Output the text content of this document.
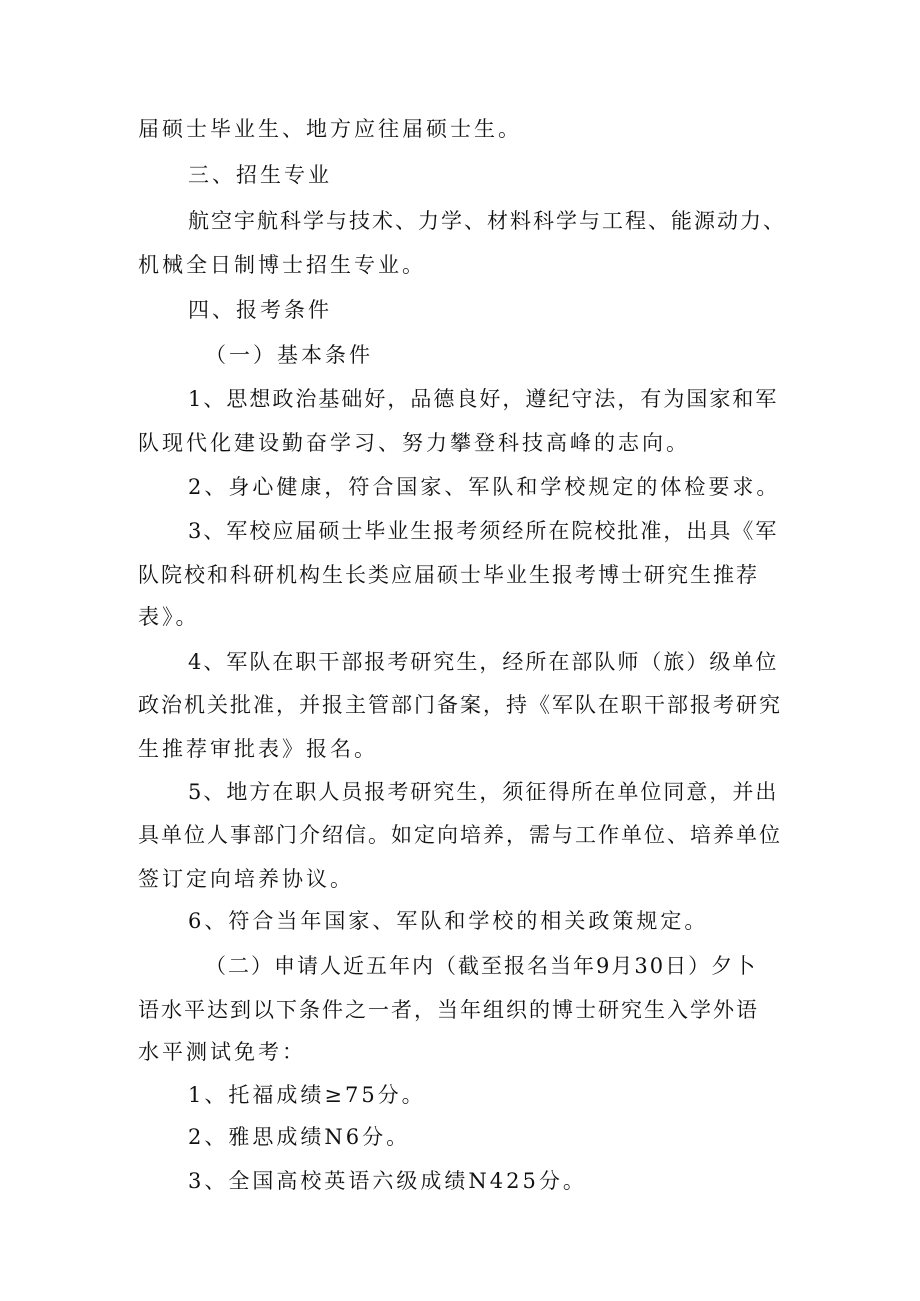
届硕士毕业生、地方应往届硕士生。
三、招生专业
航空宇航科学与技术、力学、材料科学与工程、能源动力、
机械全日制博士招生专业。
四、报考条件
（一）基本条件
1、思想政治基础好，品德良好，遵纪守法，有为国家和军
队现代化建设勤奋学习、努力攀登科技高峰的志向。
2、身心健康，符合国家、军队和学校规定的体检要求。
3、军校应届硕士毕业生报考须经所在院校批准，出具《军
队院校和科研机构生长类应届硕士毕业生报考博士研究生推荐
表》。
4、军队在职干部报考研究生，经所在部队师（旅）级单位
政治机关批准，并报主管部门备案，持《军队在职干部报考研究
生推荐审批表》报名。
5、地方在职人员报考研究生，须征得所在单位同意，并出
具单位人事部门介绍信。如定向培养，需与工作单位、培养单位
签订定向培养协议。
6、符合当年国家、军队和学校的相关政策规定。
（二）申请人近五年内（截至报名当年9月30日）夕卜
语水平达到以下条件之一者，当年组织的博士研究生入学外语
水平测试免考：
1、托福成绩≥75分。
2、雅思成绩N6分。
3、全国高校英语六级成绩N425分。
